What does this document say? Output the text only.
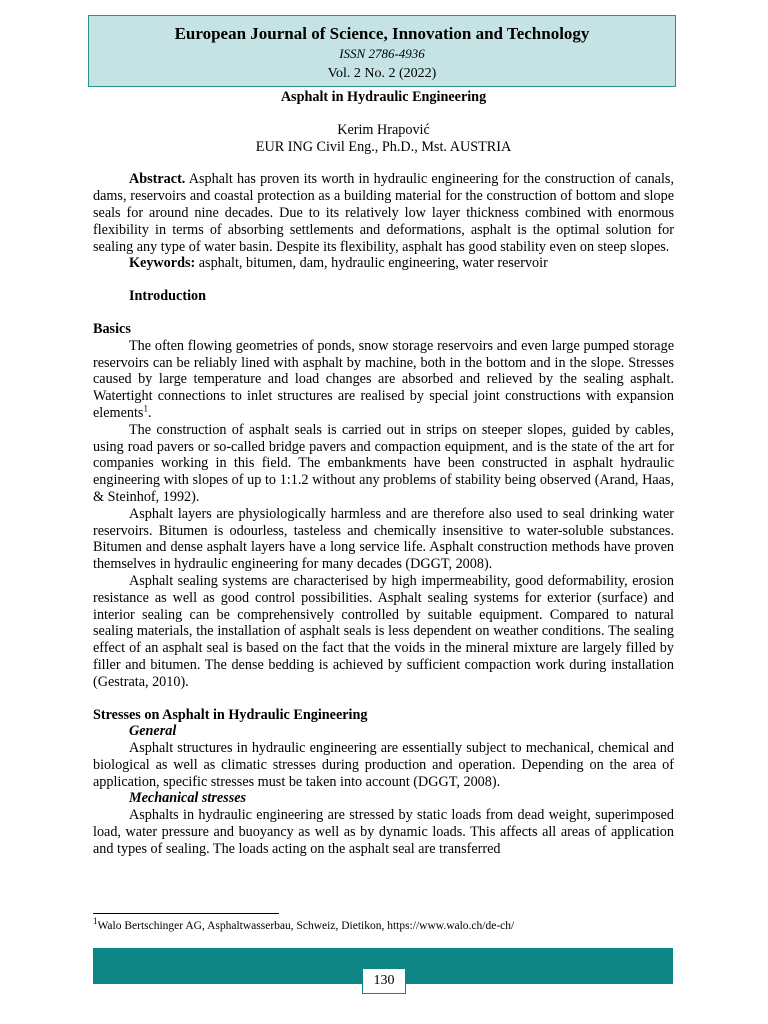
European Journal of Science, Innovation and Technology
ISSN 2786-4936
Vol. 2 No. 2 (2022)
Asphalt in Hydraulic Engineering
Kerim Hrapović
EUR ING Civil Eng., Ph.D., Mst. AUSTRIA

Abstract. Asphalt has proven its worth in hydraulic engineering for the construction of canals, dams, reservoirs and coastal protection as a building material for the construction of bottom and slope seals for around nine decades. Due to its relatively low layer thickness combined with enormous flexibility in terms of absorbing settlements and deformations, asphalt is the optimal solution for sealing any type of water basin. Despite its flexibility, asphalt has good stability even on steep slopes.

Keywords: asphalt, bitumen, dam, hydraulic engineering, water reservoir

Introduction

Basics

The often flowing geometries of ponds, snow storage reservoirs and even large pumped storage reservoirs can be reliably lined with asphalt by machine, both in the bottom and in the slope. Stresses caused by large temperature and load changes are absorbed and relieved by the sealing asphalt. Watertight connections to inlet structures are realised by special joint constructions with expansion elements$^1$.

The construction of asphalt seals is carried out in strips on steeper slopes, guided by cables, using road pavers or so-called bridge pavers and compaction equipment, and is the state of the art for companies working in this field. The embankments have been constructed in asphalt hydraulic engineering with slopes of up to 1:1.2 without any problems of stability being observed (Arand, Haas, & Steinhof, 1992).

Asphalt layers are physiologically harmless and are therefore also used to seal drinking water reservoirs. Bitumen is odourless, tasteless and chemically insensitive to water-soluble substances. Bitumen and dense asphalt layers have a long service life. Asphalt construction methods have proven themselves in hydraulic engineering for many decades (DGGT, 2008).

Asphalt sealing systems are characterised by high impermeability, good deformability, erosion resistance as well as good control possibilities. Asphalt sealing systems for exterior (surface) and interior sealing can be comprehensively controlled by suitable equipment. Compared to natural sealing materials, the installation of asphalt seals is less dependent on weather conditions. The sealing effect of an asphalt seal is based on the fact that the voids in the mineral mixture are largely filled by filler and bitumen. The dense bedding is achieved by sufficient compaction work during installation (Gestrata, 2010).

Stresses on Asphalt in Hydraulic Engineering

General

Asphalt structures in hydraulic engineering are essentially subject to mechanical, chemical and biological as well as climatic stresses during production and operation. Depending on the area of application, specific stresses must be taken into account (DGGT, 2008).

Mechanical stresses

Asphalts in hydraulic engineering are stressed by static loads from dead weight, superimposed load, water pressure and buoyancy as well as by dynamic loads. This affects all areas of application and types of sealing. The loads acting on the asphalt seal are transferred

$^1$Walo Bertschinger AG, Asphaltwasserbau, Schweiz, Dietikon, https://www.walo.ch/de-ch/
130
